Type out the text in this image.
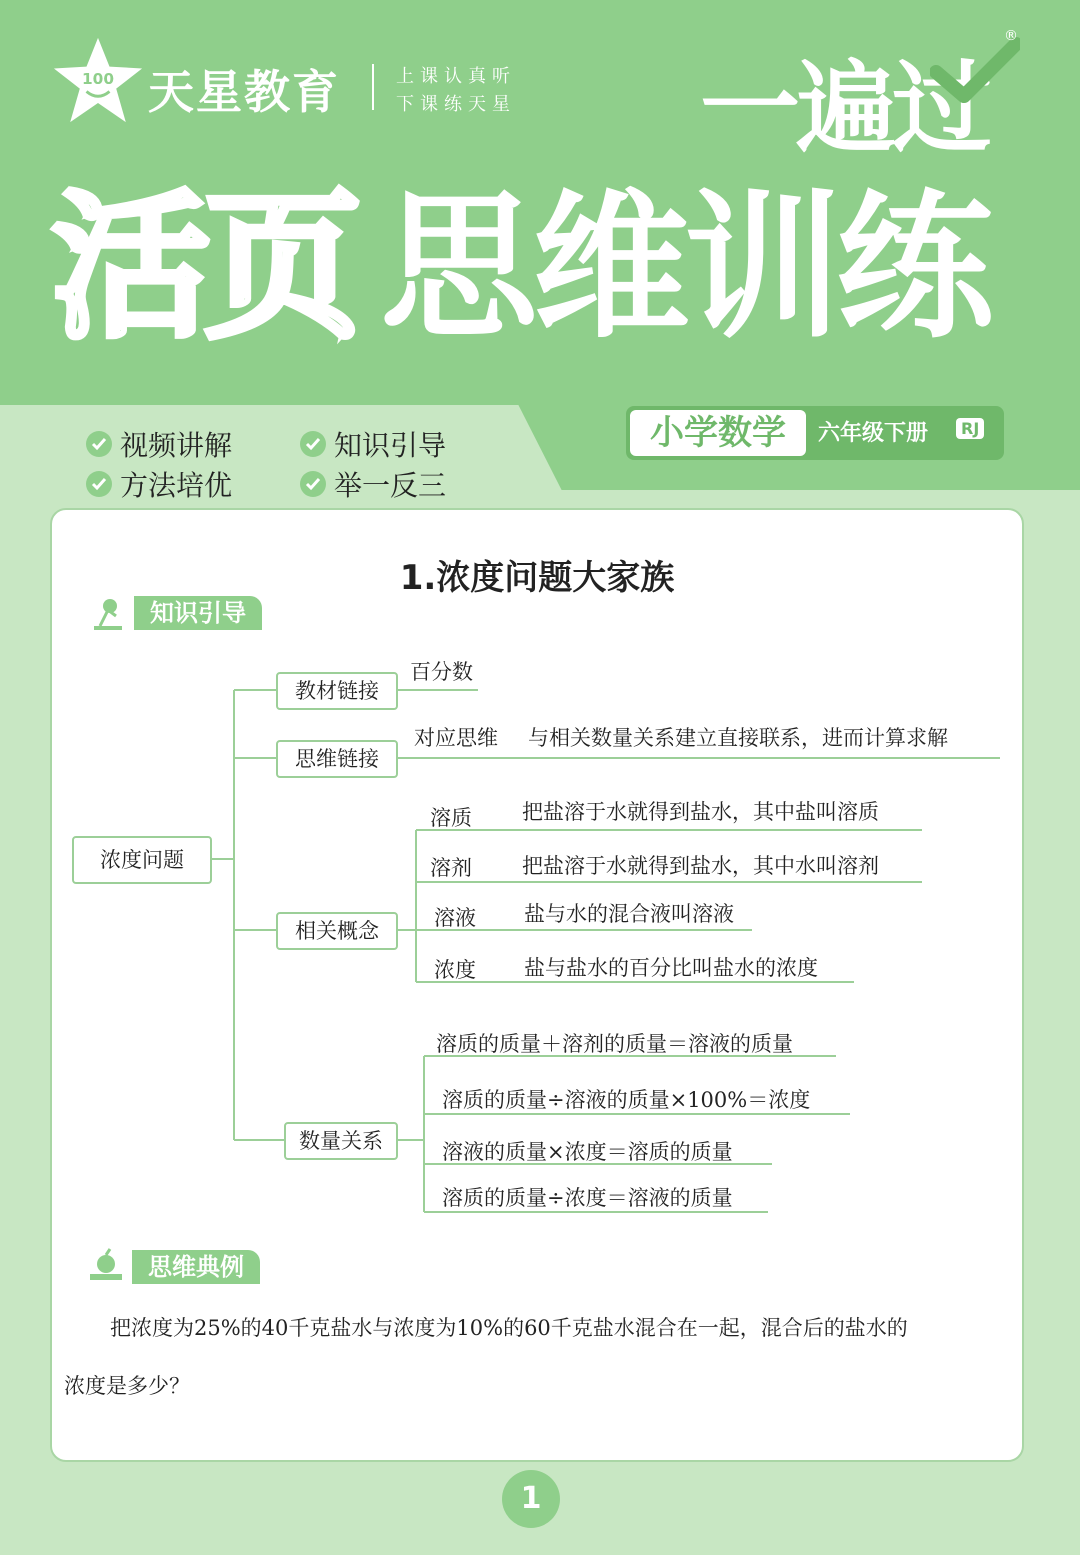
100 天星教育	上课认真听
下课练天星 一遍过
®
活页 思维训练
小学数学	六年级下册	RJ
视频讲解	知识引导
方法培优	举一反三
1.浓度问题大家族
知识引导
浓度问题
教材链接
百分数
思维链接
对应思维 与相关数量关系建立直接联系，进而计算求解
相关概念
溶质 把盐溶于水就得到盐水，其中盐叫溶质
溶剂 把盐溶于水就得到盐水，其中水叫溶剂
溶液 盐与水的混合液叫溶液
浓度 盐与盐水的百分比叫盐水的浓度
数量关系
溶质的质量＋溶剂的质量＝溶液的质量
溶质的质量÷溶液的质量×100%＝浓度
溶液的质量×浓度＝溶质的质量
溶质的质量÷浓度＝溶液的质量
思维典例
把浓度为25%的40千克盐水与浓度为10%的60千克盐水混合在一起，混合后的盐水的
浓度是多少？
1
